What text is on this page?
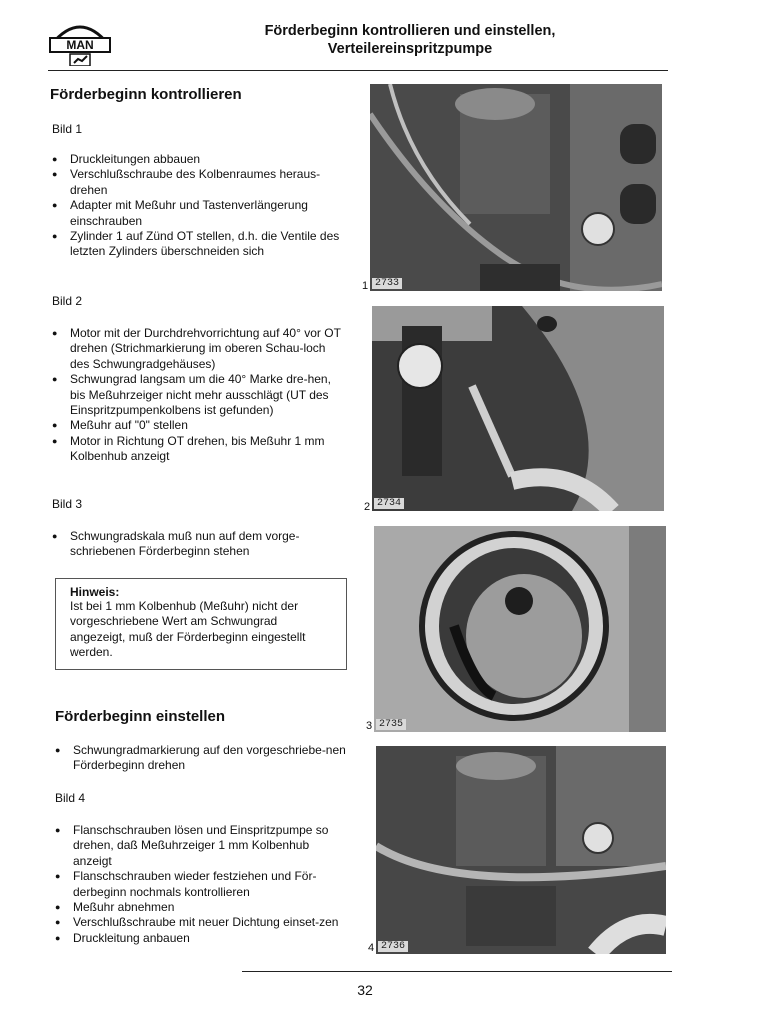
MAN
Förderbeginn kontrollieren und einstellen,
Verteilereinspritzpumpe
Förderbeginn kontrollieren
Bild 1
● Druckleitungen abbauen
● Verschlußschraube des Kolbenraumes heraus-drehen
● Adapter mit Meßuhr und Tastenverlängerung einschrauben
● Zylinder 1 auf Zünd OT stellen, d.h. die Ventile des letzten Zylinders überschneiden sich
Bild 2
● Motor mit der Durchdrehvorrichtung auf 40° vor OT drehen (Strichmarkierung im oberen Schau-loch des Schwungradgehäuses)
● Schwungrad langsam um die 40° Marke dre-hen, bis Meßuhrzeiger nicht mehr ausschlägt (UT des Einspritzpumpenkolbens ist gefunden)
● Meßuhr auf "0" stellen
● Motor in Richtung OT drehen, bis Meßuhr 1 mm Kolbenhub anzeigt
Bild 3
● Schwungradskala muß nun auf dem vorge-schriebenen Förderbeginn stehen
Hinweis:
Ist bei 1 mm Kolbenhub (Meßuhr) nicht der vorgeschriebene Wert am Schwungrad angezeigt, muß der Förderbeginn eingestellt werden.
Förderbeginn einstellen
● Schwungradmarkierung auf den vorgeschriebe-nen Förderbeginn drehen
Bild 4
● Flanschschrauben lösen und Einspritzpumpe so drehen, daß Meßuhrzeiger 1 mm Kolbenhub anzeigt
● Flanschschrauben wieder festziehen und För-derbeginn nochmals kontrollieren
● Meßuhr abnehmen
● Verschlußschraube mit neuer Dichtung einset-zen
● Druckleitung anbauen
1 2733
2 2734
3 2735
4 2736
32
